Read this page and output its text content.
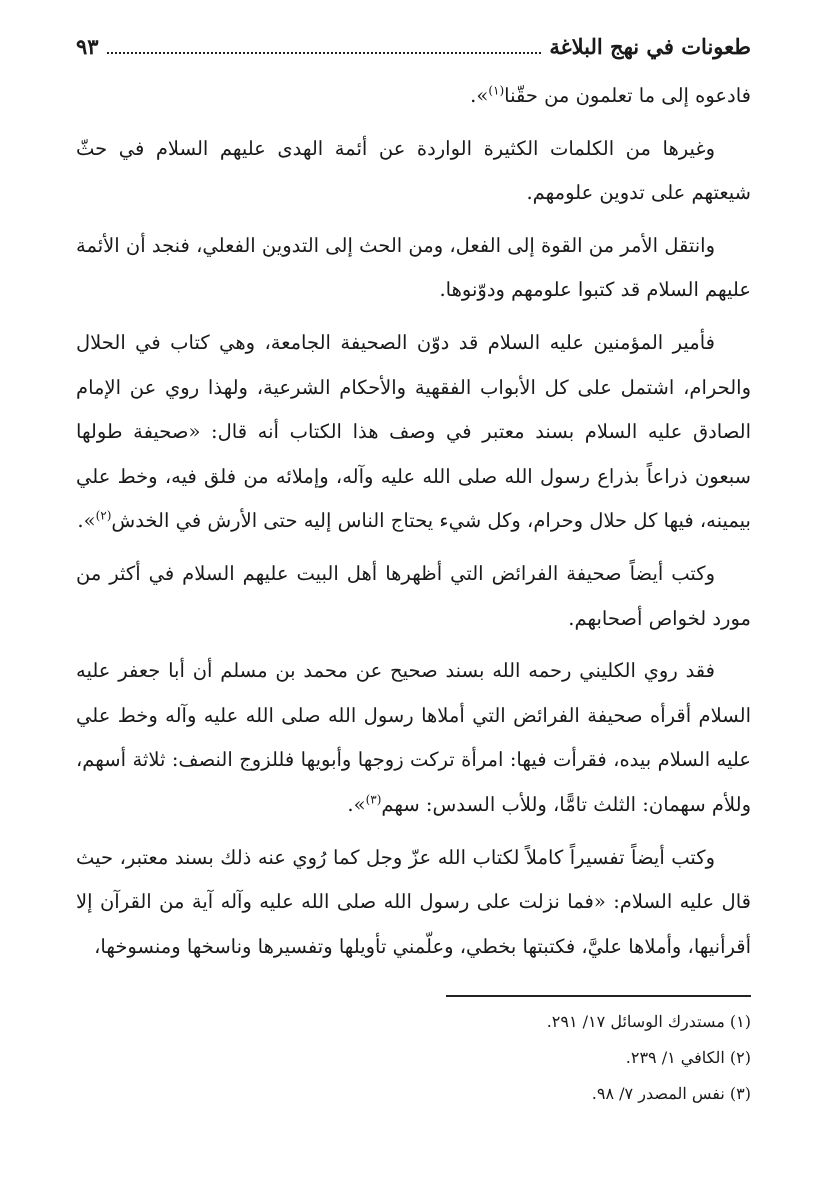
طعونات في نهج البلاغة
٩٣

فادعوه إلى ما تعلمون من حقّنا$^{(١)}$».

وغيرها من الكلمات الكثيرة الواردة عن أئمة الهدى عليهم السلام في حثّ شيعتهم على تدوين علومهم.

وانتقل الأمر من القوة إلى الفعل، ومن الحث إلى التدوين الفعلي، فنجد أن الأئمة عليهم السلام قد كتبوا علومهم ودوّنوها.

فأمير المؤمنين عليه السلام قد دوّن الصحيفة الجامعة، وهي كتاب في الحلال والحرام، اشتمل على كل الأبواب الفقهية والأحكام الشرعية، ولهذا روي عن الإمام الصادق عليه السلام بسند معتبر في وصف هذا الكتاب أنه قال: «صحيفة طولها سبعون ذراعاً بذراع رسول الله صلى الله عليه وآله، وإملائه من فلق فيه، وخط علي بيمينه، فيها كل حلال وحرام، وكل شيء يحتاج الناس إليه حتى الأرش في الخدش$^{(٢)}$».

وكتب أيضاً صحيفة الفرائض التي أظهرها أهل البيت عليهم السلام في أكثر من مورد لخواص أصحابهم.

فقد روي الكليني رحمه الله بسند صحيح عن محمد بن مسلم أن أبا جعفر عليه السلام أقرأه صحيفة الفرائض التي أملاها رسول الله صلى الله عليه وآله وخط علي عليه السلام بيده، فقرأت فيها: امرأة تركت زوجها وأبويها فللزوج النصف: ثلاثة أسهم، وللأم سهمان: الثلث تامًّا، وللأب السدس: سهم$^{(٣)}$».

وكتب أيضاً تفسيراً كاملاً لكتاب الله عزّ وجل كما رُوي عنه ذلك بسند معتبر، حيث قال عليه السلام: «فما نزلت على رسول الله صلى الله عليه وآله آية من القرآن إلا أقرأنيها، وأملاها عليَّ، فكتبتها بخطي، وعلّمني تأويلها وتفسيرها وناسخها ومنسوخها،

(١) مستدرك الوسائل ١٧/ ٢٩١.
(٢) الكافي ١/ ٢٣٩.
(٣) نفس المصدر ٧/ ٩٨.
